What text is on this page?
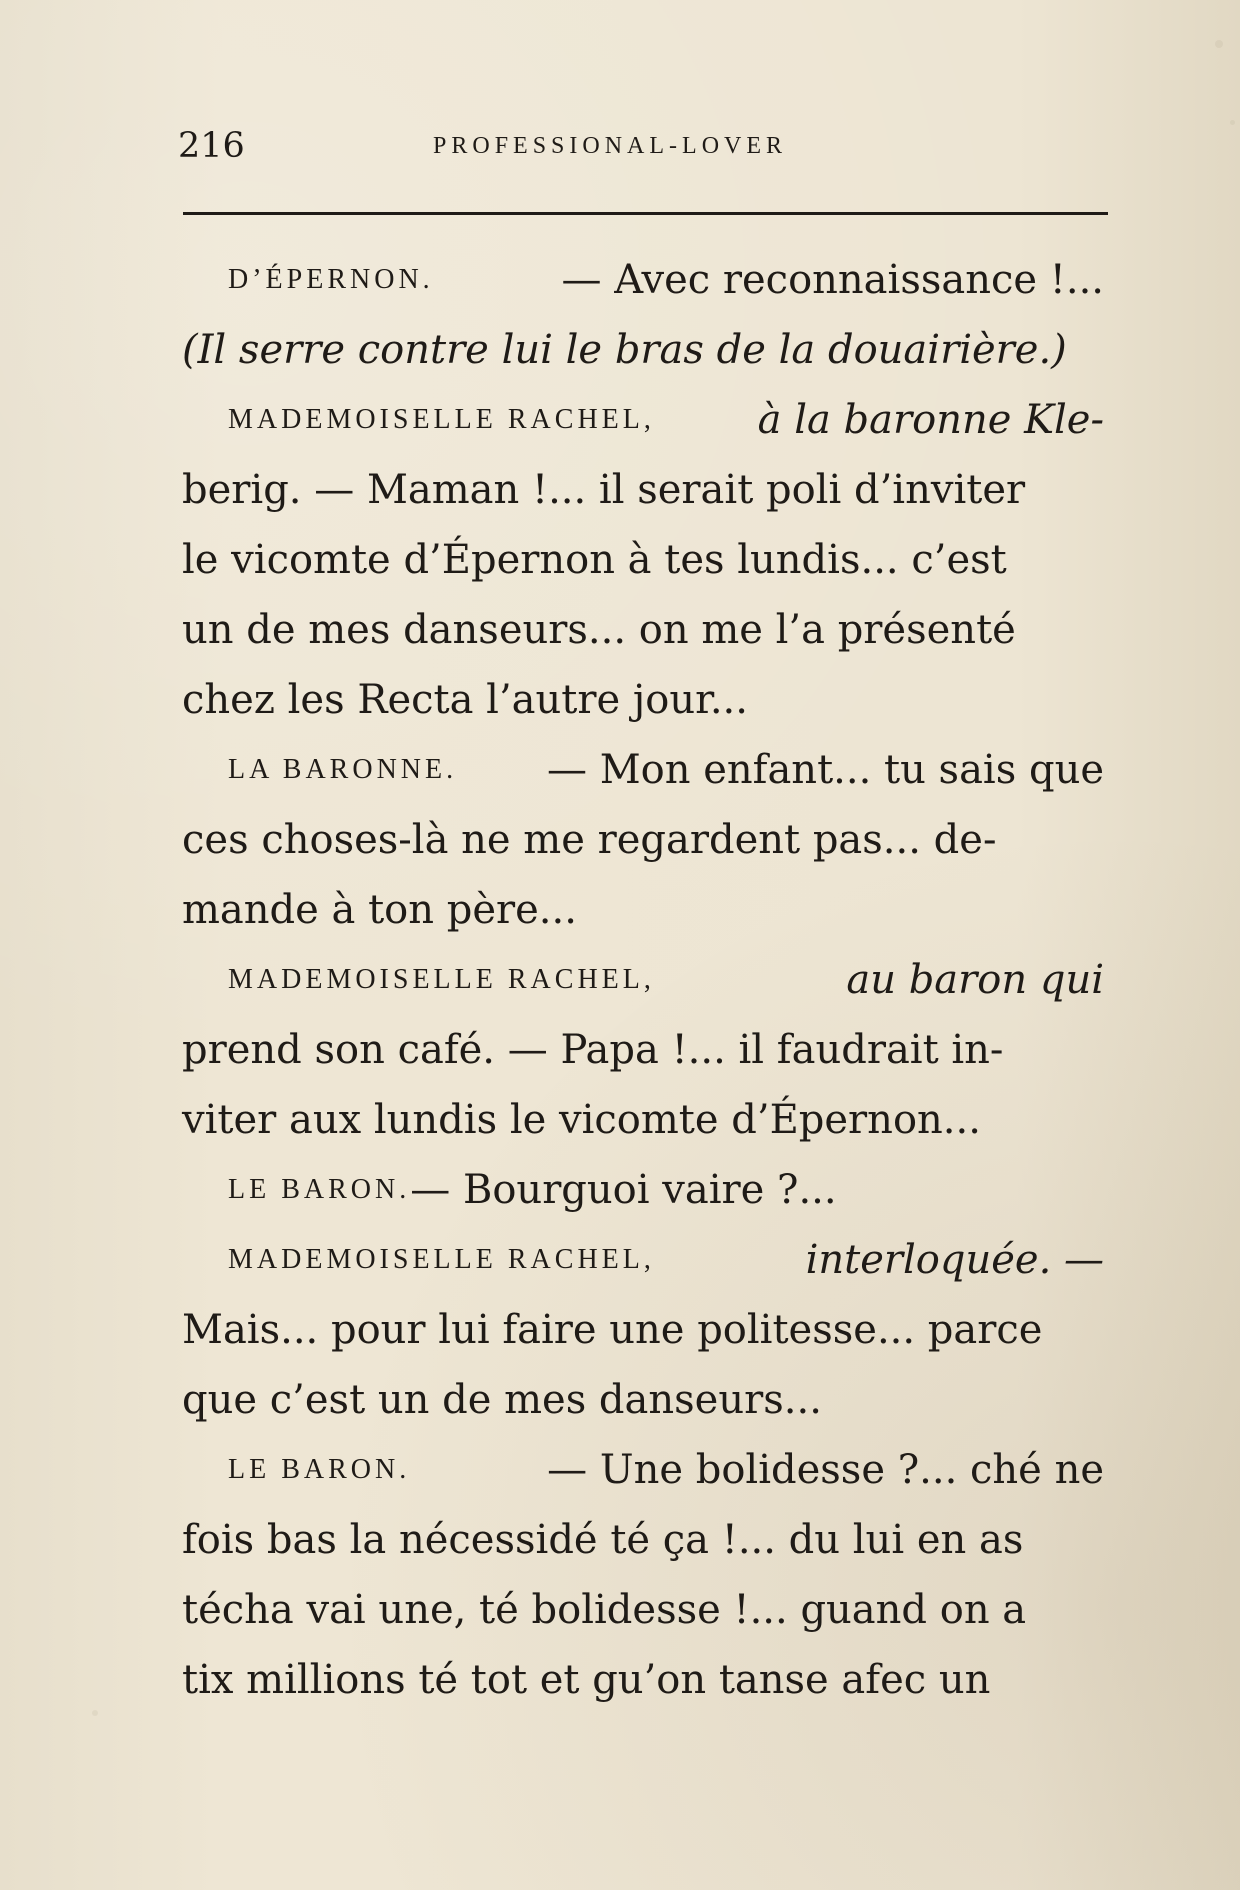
216	PROFESSIONAL-LOVER
D’ÉPERNON.	— Avec reconnaissance !...
(Il serre contre lui le bras de la douairière.)
MADEMOISELLE RACHEL,	à la baronne Kle-
berig. — Maman !... il serait poli d’inviter
le vicomte d’Épernon à tes lundis... c’est
un de mes danseurs... on me l’a présenté
chez les Recta l’autre jour...
LA BARONNE. — Mon enfant... tu sais que
ces choses-là ne me regardent pas... de-
mande à ton père...
MADEMOISELLE RACHEL,	au baron qui
prend son café. — Papa !... il faudrait in-
viter aux lundis le vicomte d’Épernon...
LE BARON. — Bourguoi vaire ?...
MADEMOISELLE RACHEL,	interloquée. —
Mais... pour lui faire une politesse... parce
que c’est un de mes danseurs...
LE BARON.	— Une bolidesse ?... ché ne
fois bas la nécessidé té ça !... du lui en as
técha vai une, té bolidesse !... guand on a
tix millions té tot et gu’on tanse afec un
